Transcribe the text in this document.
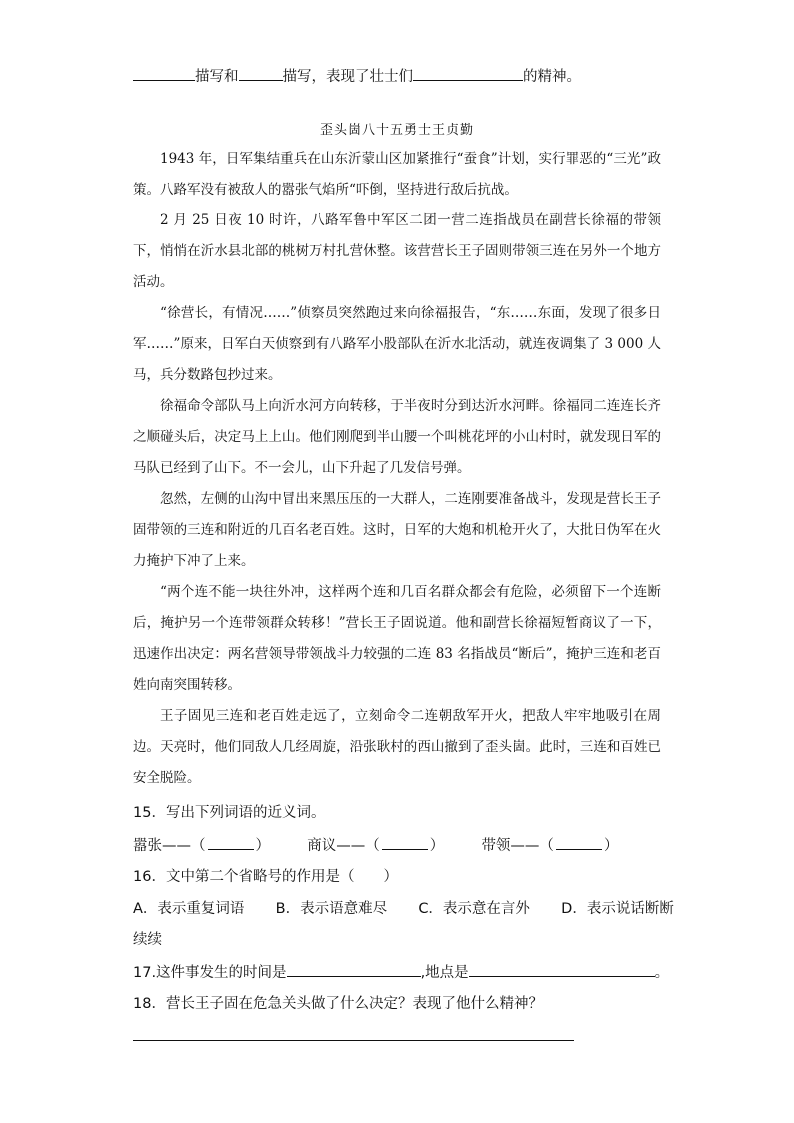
描写和	描写，表现了壮士们	的精神。
歪头崮八十五勇士王贞勤

1943 年，日军集结重兵在山东沂蒙山区加紧推行“蚕食”计划，实行罪恶的“三光”政策。八路军没有被敌人的嚣张气焰所“吓倒，坚持进行敌后抗战。

2 月 25 日夜 10 时许，八路军鲁中军区二团一营二连指战员在副营长徐福的带领下，悄悄在沂水县北部的桃树万村扎营休整。该营营长王子固则带领三连在另外一个地方活动。

“徐营长，有情况……”侦察员突然跑过来向徐福报告，“东……东面，发现了很多日　军……”原来，日军白天侦察到有八路军小股部队在沂水北活动，就连夜调集了 3 000 人马，兵分数路包抄过来。

徐福命令部队马上向沂水河方向转移，于半夜时分到达沂水河畔。徐福同二连连长齐之顺碰头后，决定马上上山。他们刚爬到半山腰一个叫桃花坪的小山村时，就发现日军的马队已经到了山下。不一会儿，山下升起了几发信号弹。

忽然，左侧的山沟中冒出来黑压压的一大群人，二连刚要准备战斗，发现是营长王子固带领的三连和附近的几百名老百姓。这时，日军的大炮和机枪开火了，大批日伪军在火力掩护下冲了上来。

“两个连不能一块往外冲，这样两个连和几百名群众都会有危险，必须留下一个连断后，掩护另一个连带领群众转移！”营长王子固说道。他和副营长徐福短暂商议了一下，迅速作出决定：两名营领导带领战斗力较强的二连 83 名指战员“断后”，掩护三连和老百姓向南突围转移。

王子固见三连和老百姓走远了，立刻命令二连朝敌军开火，把敌人牢牢地吸引在周边。天亮时，他们同敌人几经周旋，沿张耿村的西山撤到了歪头崮。此时，三连和百姓已安全脱险。

15．写出下列词语的近义词。
嚣张——（	）	商议——（	）	带领——（	）
16．文中第二个省略号的作用是（　　）
A．表示重复词语 B．表示语意难尽 C．表示意在言外 D．表示说话断断
续续
17.这件事发生的时间是	,地点是	。
18．营长王子固在危急关头做了什么决定？表现了他什么精神？
